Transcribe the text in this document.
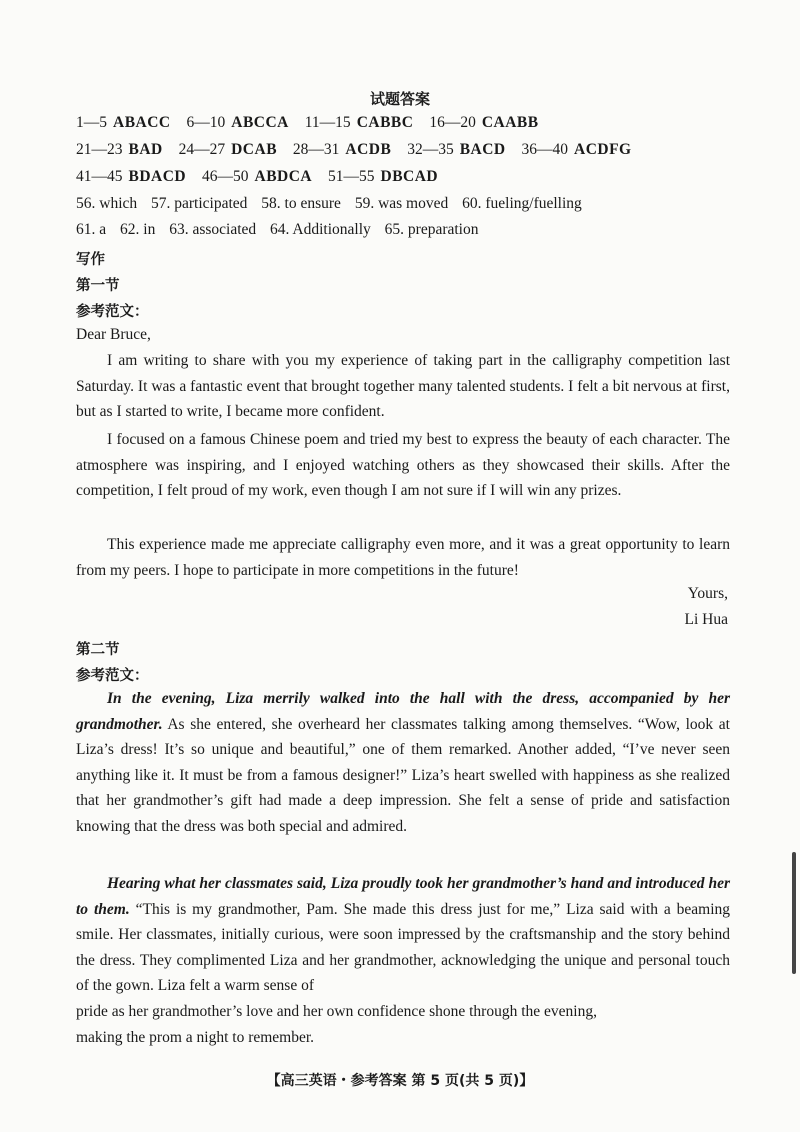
试题答案
1—5 ABACC 6—10 ABCCA 11—15 CABBC 16—20 CAABB
21—23 BAD 24—27 DCAB 28—31 ACDB 32—35 BACD 36—40 ACDFG
41—45 BDACD 46—50 ABDCA 51—55 DBCAD
56. which 57. participated 58. to ensure 59. was moved 60. fueling/fuelling
61. a 62. in 63. associated 64. Additionally 65. preparation
写作
第一节
参考范文：
Dear Bruce,

I am writing to share with you my experience of taking part in the calligraphy competition last Saturday. It was a fantastic event that brought together many talented students. I felt a bit nervous at first, but as I started to write, I became more confident.

I focused on a famous Chinese poem and tried my best to express the beauty of each character. The atmosphere was inspiring, and I enjoyed watching others as they showcased their skills. After the competition, I felt proud of my work, even though I am not sure if I will win any prizes.

This experience made me appreciate calligraphy even more, and it was a great opportunity to learn from my peers. I hope to participate in more competitions in the future!

Yours,
Li Hua
第二节
参考范文：

In the evening, Liza merrily walked into the hall with the dress, accompanied by her grandmother. As she entered, she overheard her classmates talking among themselves. “Wow, look at Liza’s dress! It’s so unique and beautiful,” one of them remarked. Another added, “I’ve never seen anything like it. It must be from a famous designer!” Liza’s heart swelled with happiness as she realized that her grandmother’s gift had made a deep impression. She felt a sense of pride and satisfaction knowing that the dress was both special and admired.

Hearing what her classmates said, Liza proudly took her grandmother’s hand and introduced her to them. “This is my grandmother, Pam. She made this dress just for me,” Liza said with a beaming smile. Her classmates, initially curious, were soon impressed by the craftsmanship and the story behind the dress. They complimented Liza and her grandmother, acknowledging the unique and personal touch of the gown. Liza felt a warm sense of

pride as her grandmother’s love and her own confidence shone through the evening,
making the prom a night to remember.
【高三英语・参考答案 第 5 页(共 5 页)】
